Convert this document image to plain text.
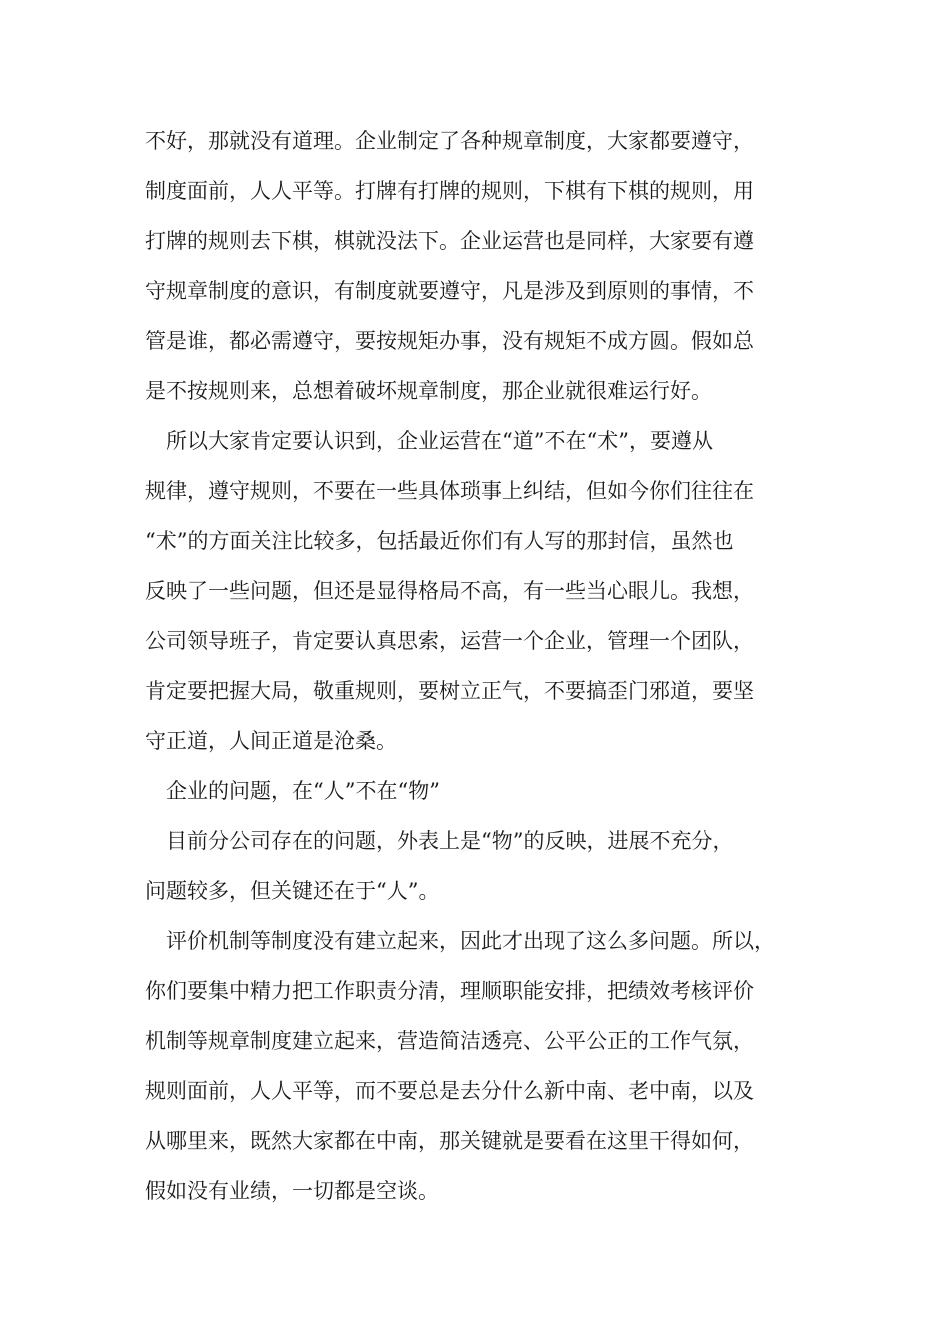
不好，那就没有道理。企业制定了各种规章制度，大家都要遵守，
制度面前，人人平等。打牌有打牌的规则，下棋有下棋的规则，用
打牌的规则去下棋，棋就没法下。企业运营也是同样，大家要有遵
守规章制度的意识，有制度就要遵守，凡是涉及到原则的事情，不
管是谁，都必需遵守，要按规矩办事，没有规矩不成方圆。假如总
是不按规则来，总想着破坏规章制度，那企业就很难运行好。
所以大家肯定要认识到，企业运营在“道”不在“术”，要遵从
规律，遵守规则，不要在一些具体琐事上纠结，但如今你们往往在
“术”的方面关注比较多，包括最近你们有人写的那封信，虽然也
反映了一些问题，但还是显得格局不高，有一些当心眼儿。我想，
公司领导班子，肯定要认真思索，运营一个企业，管理一个团队，
肯定要把握大局，敬重规则，要树立正气，不要搞歪门邪道，要坚
守正道，人间正道是沧桑。
企业的问题，在“人”不在“物”
目前分公司存在的问题，外表上是“物”的反映，进展不充分，
问题较多，但关键还在于“人”。
评价机制等制度没有建立起来，因此才出现了这么多问题。所以，
你们要集中精力把工作职责分清，理顺职能安排，把绩效考核评价
机制等规章制度建立起来，营造简洁透亮、公平公正的工作气氛，
规则面前，人人平等，而不要总是去分什么新中南、老中南，以及
从哪里来，既然大家都在中南，那关键就是要看在这里干得如何，
假如没有业绩，一切都是空谈。
